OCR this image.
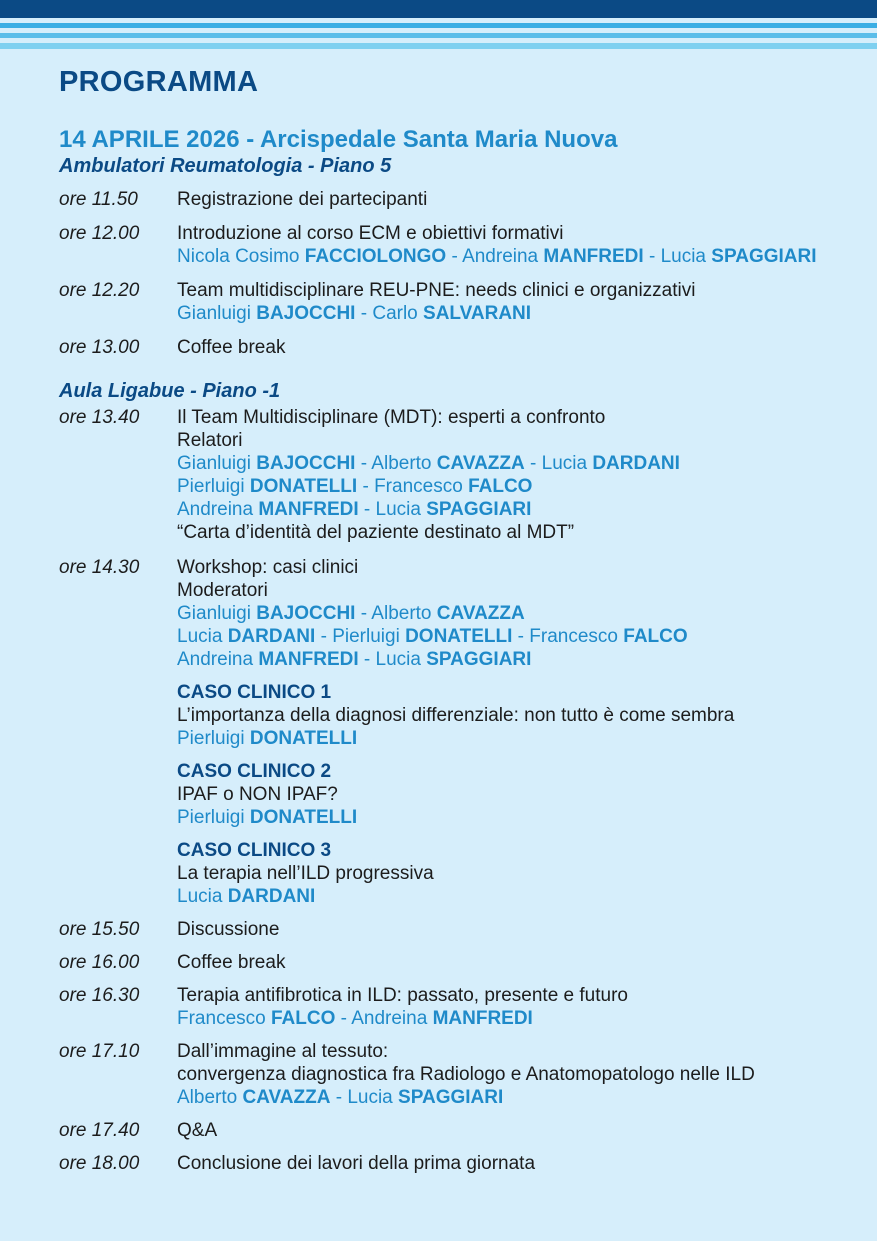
PROGRAMMA
14 APRILE 2026 - Arcispedale Santa Maria Nuova
Ambulatori Reumatologia - Piano 5
ore 11.50	Registrazione dei partecipanti
ore 12.00	Introduzione al corso ECM e obiettivi formativi
Nicola Cosimo FACCIOLONGO - Andreina MANFREDI - Lucia SPAGGIARI
ore 12.20	Team multidisciplinare REU-PNE: needs clinici e organizzativi
Gianluigi BAJOCCHI - Carlo SALVARANI
ore 13.00	Coffee break
Aula Ligabue - Piano -1
ore 13.40	Il Team Multidisciplinare (MDT): esperti a confronto
Relatori
Gianluigi BAJOCCHI - Alberto CAVAZZA - Lucia DARDANI
Pierluigi DONATELLI - Francesco FALCO
Andreina MANFREDI - Lucia SPAGGIARI
“Carta d’identità del paziente destinato al MDT”
ore 14.30	Workshop: casi clinici
Moderatori
Gianluigi BAJOCCHI - Alberto CAVAZZA
Lucia DARDANI - Pierluigi DONATELLI - Francesco FALCO
Andreina MANFREDI - Lucia SPAGGIARI
CASO CLINICO 1
L’importanza della diagnosi differenziale: non tutto è come sembra
Pierluigi DONATELLI
CASO CLINICO 2
IPAF o NON IPAF?
Pierluigi DONATELLI
CASO CLINICO 3
La terapia nell’ILD progressiva
Lucia DARDANI
ore 15.50	Discussione
ore 16.00	Coffee break
ore 16.30	Terapia antifibrotica in ILD: passato, presente e futuro
Francesco FALCO - Andreina MANFREDI
ore 17.10	Dall’immagine al tessuto:
convergenza diagnostica fra Radiologo e Anatomopatologo nelle ILD
Alberto CAVAZZA - Lucia SPAGGIARI
ore 17.40	Q&A
ore 18.00	Conclusione dei lavori della prima giornata
